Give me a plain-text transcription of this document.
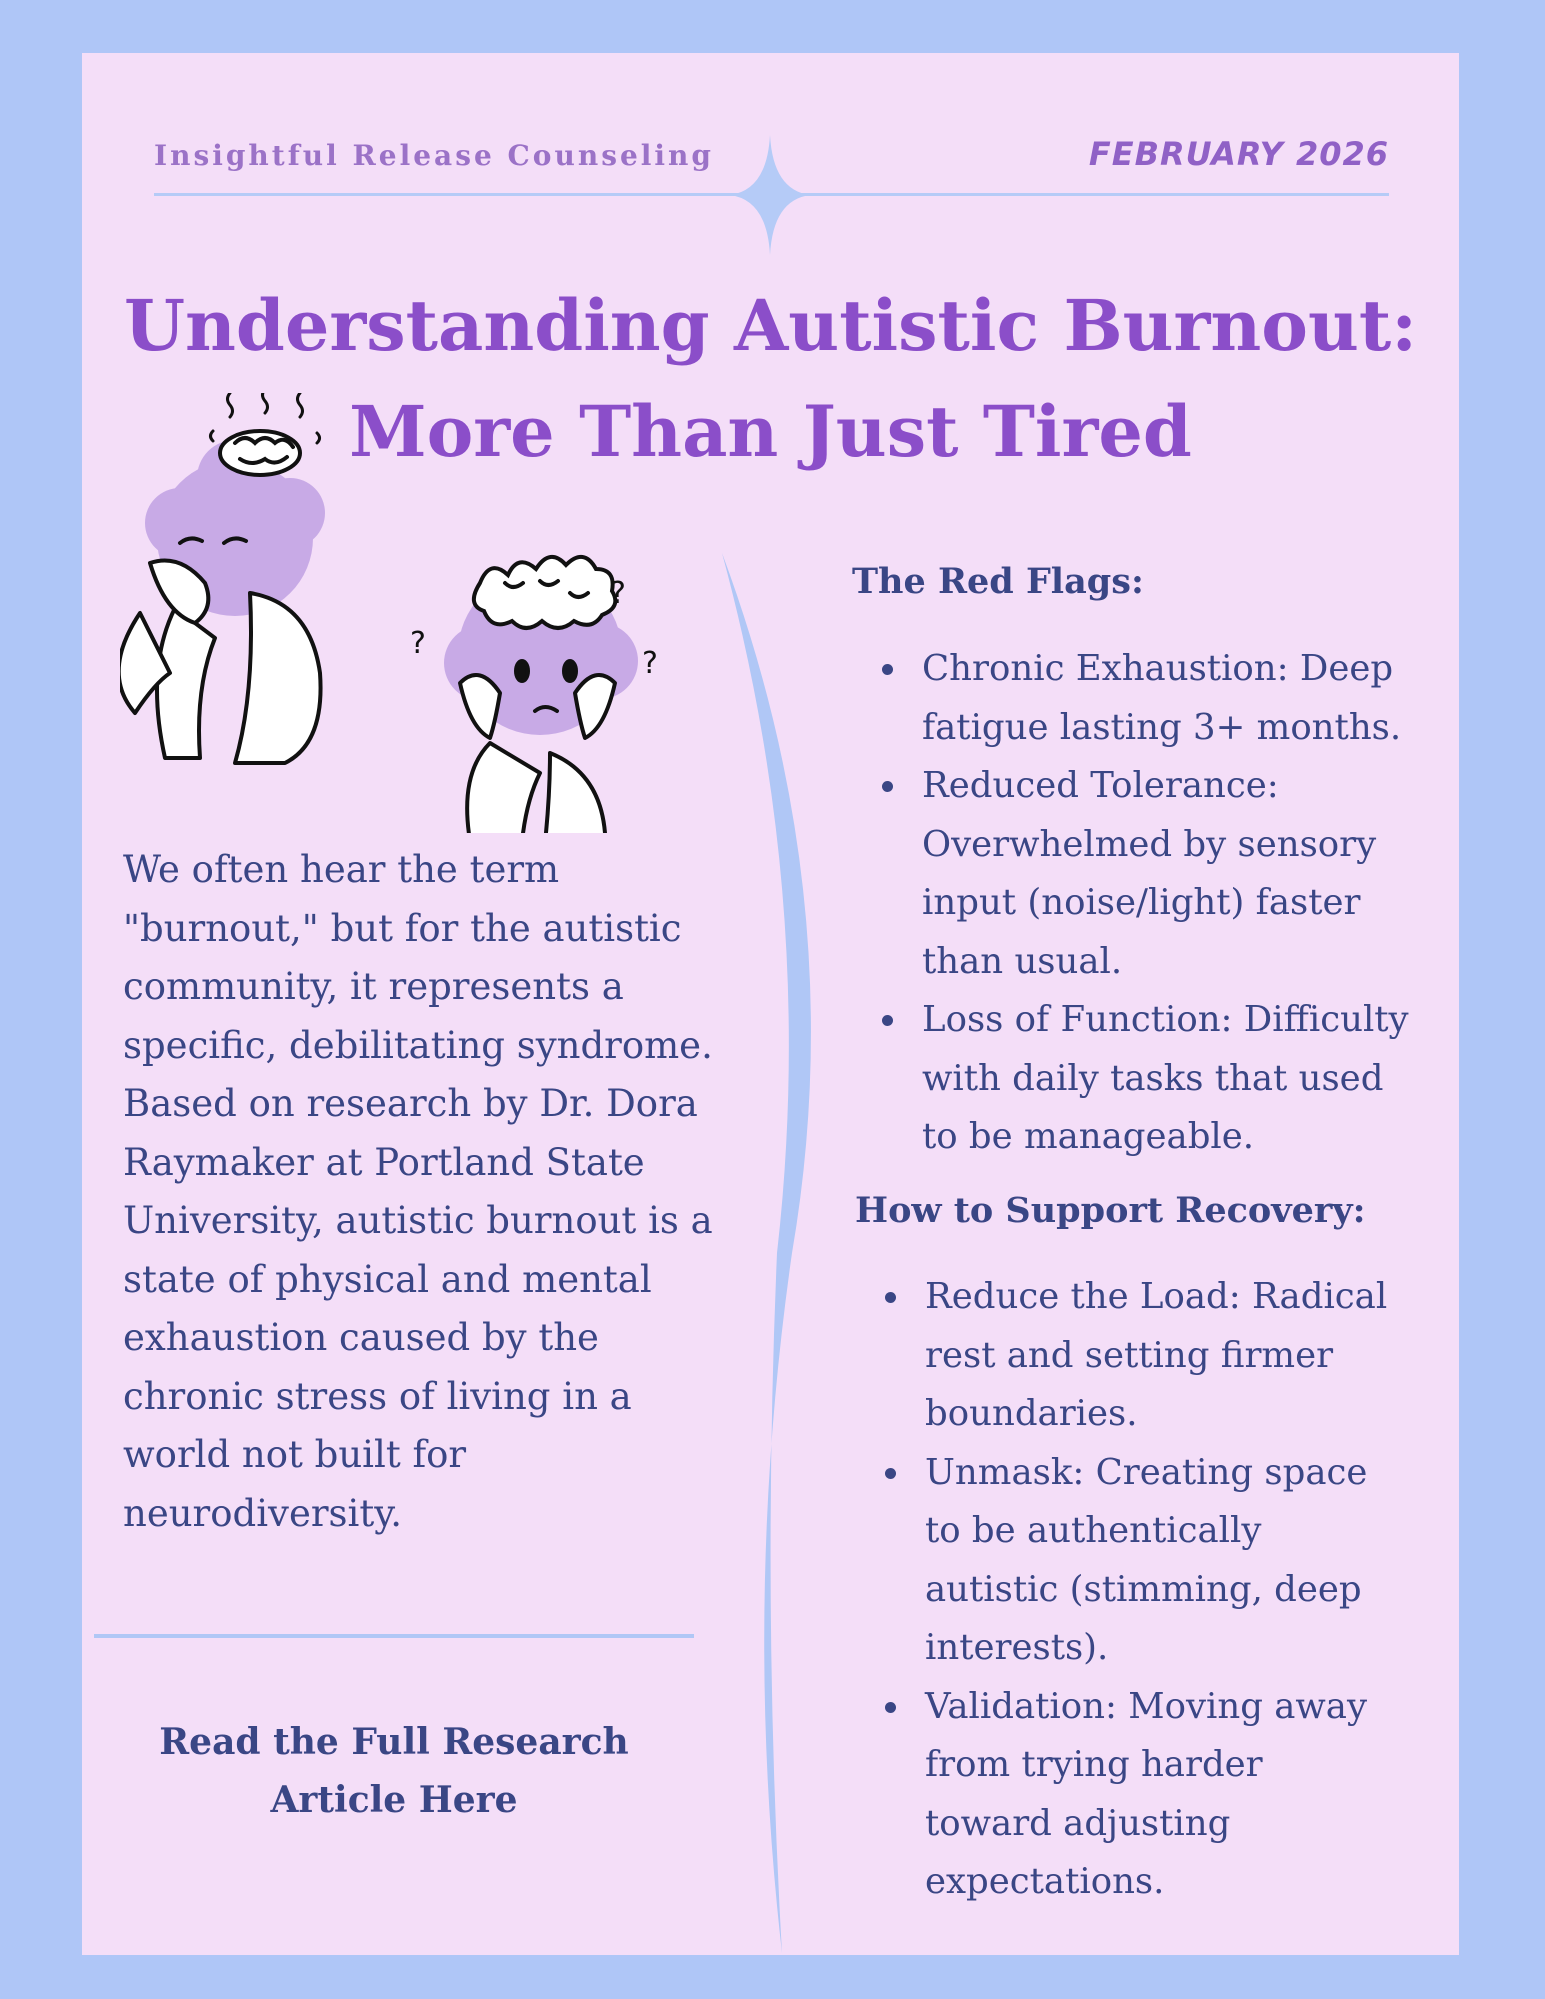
Insightful Release Counseling	FEBRUARY 2026
Understanding Autistic Burnout:
More Than Just Tired
?
?
?

We often hear the term "burnout," but for the autistic community, it represents a specific, debilitating syndrome. Based on research by Dr. Dora Raymaker at Portland State University, autistic burnout is a state of physical and mental exhaustion caused by the chronic stress of living in a world not built for neurodiversity.

Read the Full Research
Article Here
The Red Flags:
Chronic Exhaustion: Deep fatigue lasting 3+ months.
Reduced Tolerance: Overwhelmed by sensory input (noise/light) faster than usual.
Loss of Function: Difficulty with daily tasks that used to be manageable.
How to Support Recovery:
Reduce the Load: Radical rest and setting firmer boundaries.
Unmask: Creating space to be authentically autistic (stimming, deep interests).
Validation: Moving away from trying harder toward adjusting expectations.
